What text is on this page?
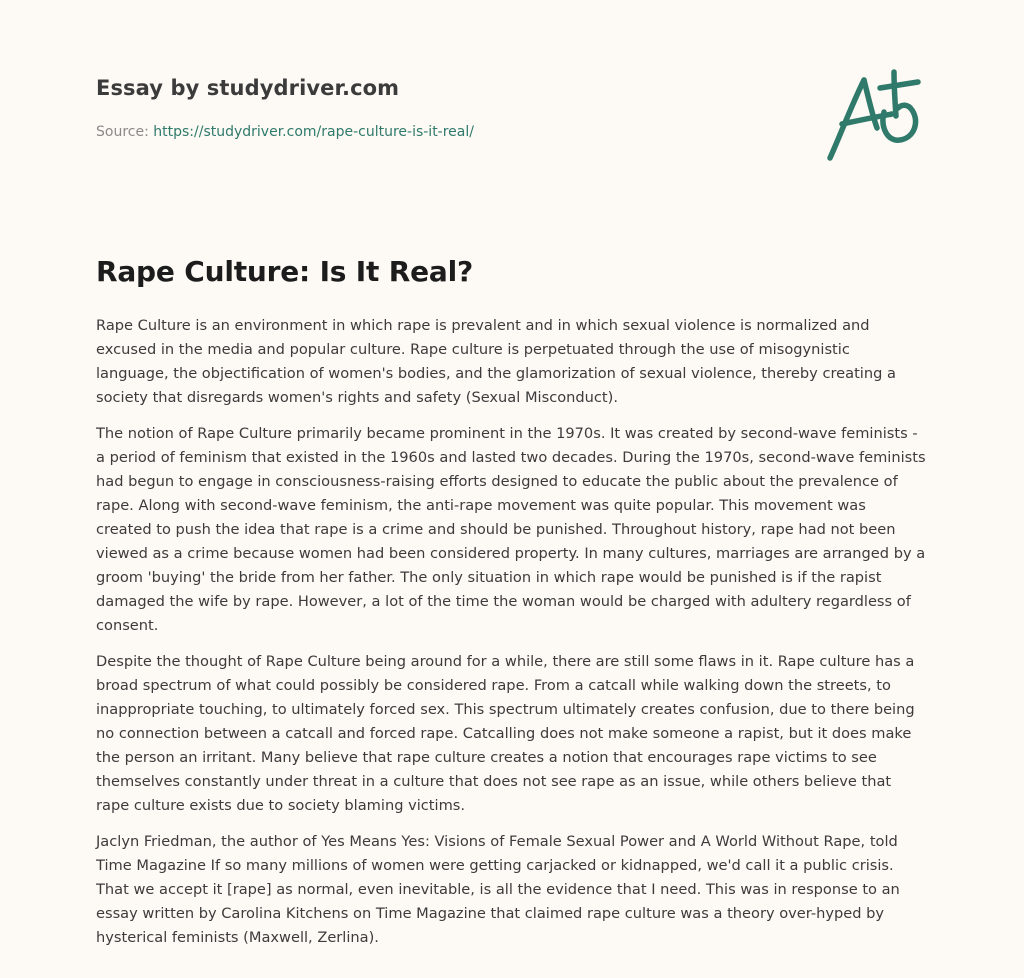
Essay by studydriver.com
Source: https://studydriver.com/rape-culture-is-it-real/
Rape Culture: Is It Real?

Rape Culture is an environment in which rape is prevalent and in which sexual violence is normalized and excused in the media and popular culture. Rape culture is perpetuated through the use of misogynistic language, the objectification of women's bodies, and the glamorization of sexual violence, thereby creating a society that disregards women's rights and safety (Sexual Misconduct).

The notion of Rape Culture primarily became prominent in the 1970s. It was created by second-wave feminists - a period of feminism that existed in the 1960s and lasted two decades. During the 1970s, second-wave feminists had begun to engage in consciousness-raising efforts designed to educate the public about the prevalence of rape. Along with second-wave feminism, the anti-rape movement was quite popular. This movement was created to push the idea that rape is a crime and should be punished. Throughout history, rape had not been viewed as a crime because women had been considered property. In many cultures, marriages are arranged by a groom 'buying' the bride from her father. The only situation in which rape would be punished is if the rapist damaged the wife by rape. However, a lot of the time the woman would be charged with adultery regardless of consent.

Despite the thought of Rape Culture being around for a while, there are still some flaws in it. Rape culture has a broad spectrum of what could possibly be considered rape. From a catcall while walking down the streets, to inappropriate touching, to ultimately forced sex. This spectrum ultimately creates confusion, due to there being no connection between a catcall and forced rape. Catcalling does not make someone a rapist, but it does make the person an irritant. Many believe that rape culture creates a notion that encourages rape victims to see themselves constantly under threat in a culture that does not see rape as an issue, while others believe that rape culture exists due to society blaming victims.

Jaclyn Friedman, the author of Yes Means Yes: Visions of Female Sexual Power and A World Without Rape, told Time Magazine If so many millions of women were getting carjacked or kidnapped, we'd call it a public crisis. That we accept it [rape] as normal, even inevitable, is all the evidence that I need. This was in response to an essay written by Carolina Kitchens on Time Magazine that claimed rape culture was a theory over-hyped by hysterical feminists (Maxwell, Zerlina).
